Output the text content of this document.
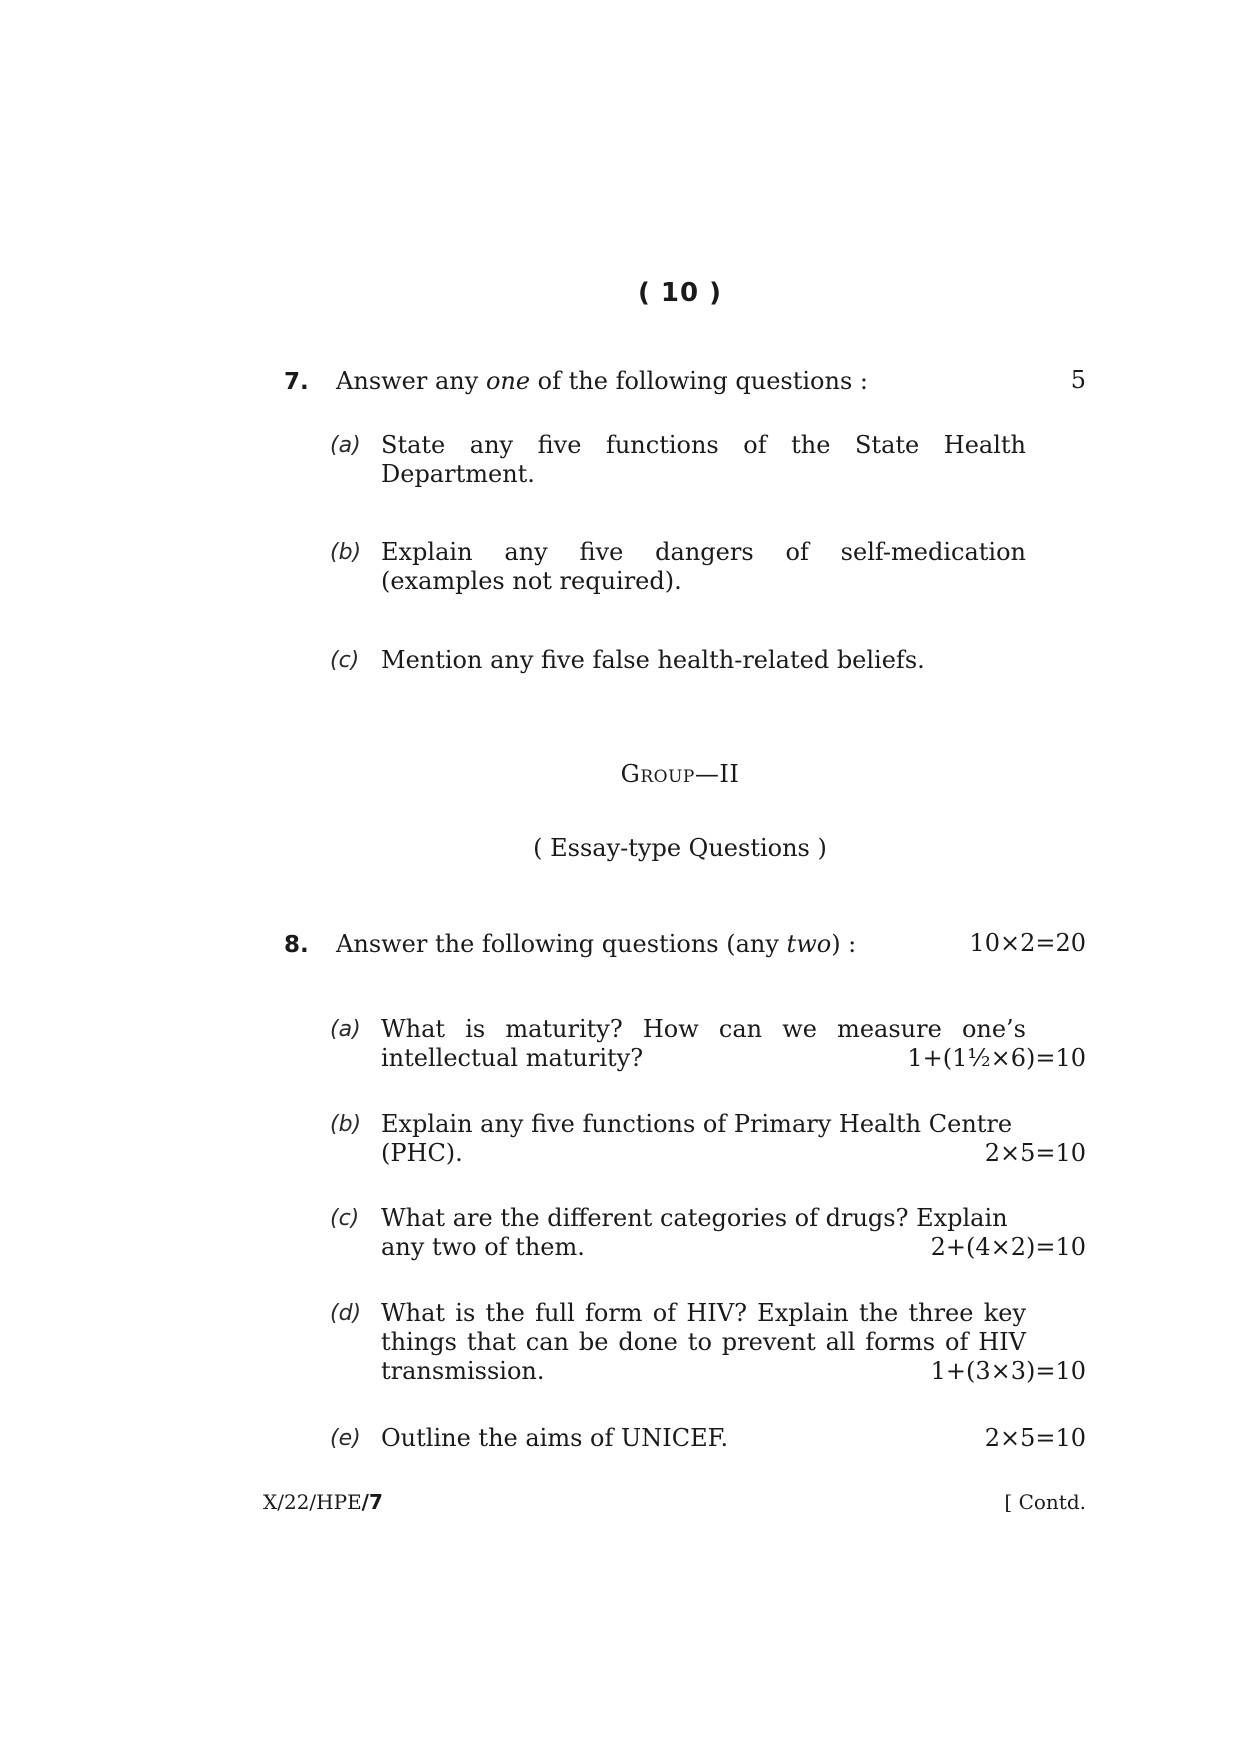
( 10 )
7. Answer any one of the following questions :	5
(a) State any five functions of the State Health
Department.
(b) Explain any five dangers of self-medication
(examples not required).
(c) Mention any five false health-related beliefs.
Group—II
( Essay-type Questions )
8. Answer the following questions (any two) :	10×2=20
(a) What is maturity? How can we measure one’s
intellectual maturity?	1+(1½×6)=10
(b) Explain any five functions of Primary Health Centre
(PHC).	2×5=10
(c) What are the different categories of drugs? Explain
any two of them.	2+(4×2)=10
(d) What is the full form of HIV? Explain the three key
things that can be done to prevent all forms of HIV
transmission.	1+(3×3)=10
(e) Outline the aims of UNICEF.	2×5=10
X/22/HPE/7	[ Contd.
